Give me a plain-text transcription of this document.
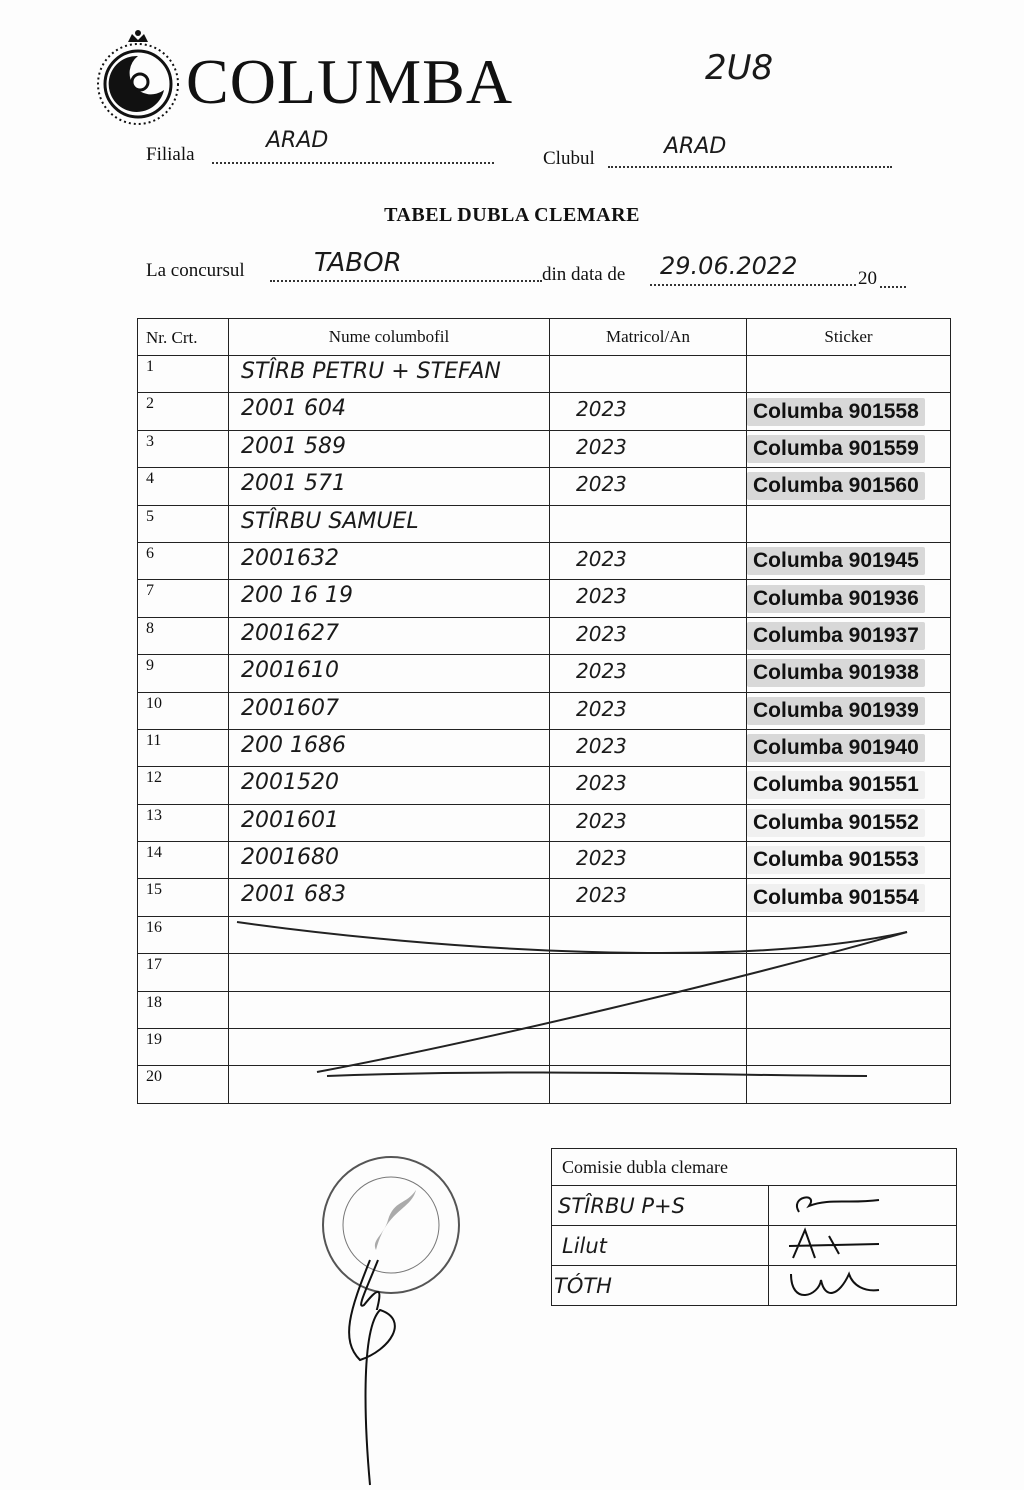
COLUMBA	2U8
Filiala
ARAD
Clubul	ARAD
TABEL DUBLA CLEMARE
La concursul	TABOR	din data de 29.06.2022	20
Nr. Crt.	Nume columbofil	Matricol/An	Sticker
1	STÎRB PETRU + STEFAN		

2	2001 604	2023	Columba 901558
3	2001 589	2023	Columba 901559
4	2001 571	2023	Columba 901560
5	STÎRBU SAMUEL		

6	2001632	2023	Columba 901945
7	200 16 19	2023	Columba 901936
8	2001627	2023	Columba 901937
9	2001610	2023	Columba 901938
10	2001607	2023	Columba 901939
11	200 1686	2023	Columba 901940
12	2001520	2023	Columba 901551
13	2001601	2023	Columba 901552
14	2001680	2023	Columba 901553
15	2001 683	2023	Columba 901554
16	

17	

18	

19	

20	

Comisie dubla clemare	
STÎRBU P+S	
Lilut	
TÓTH	
